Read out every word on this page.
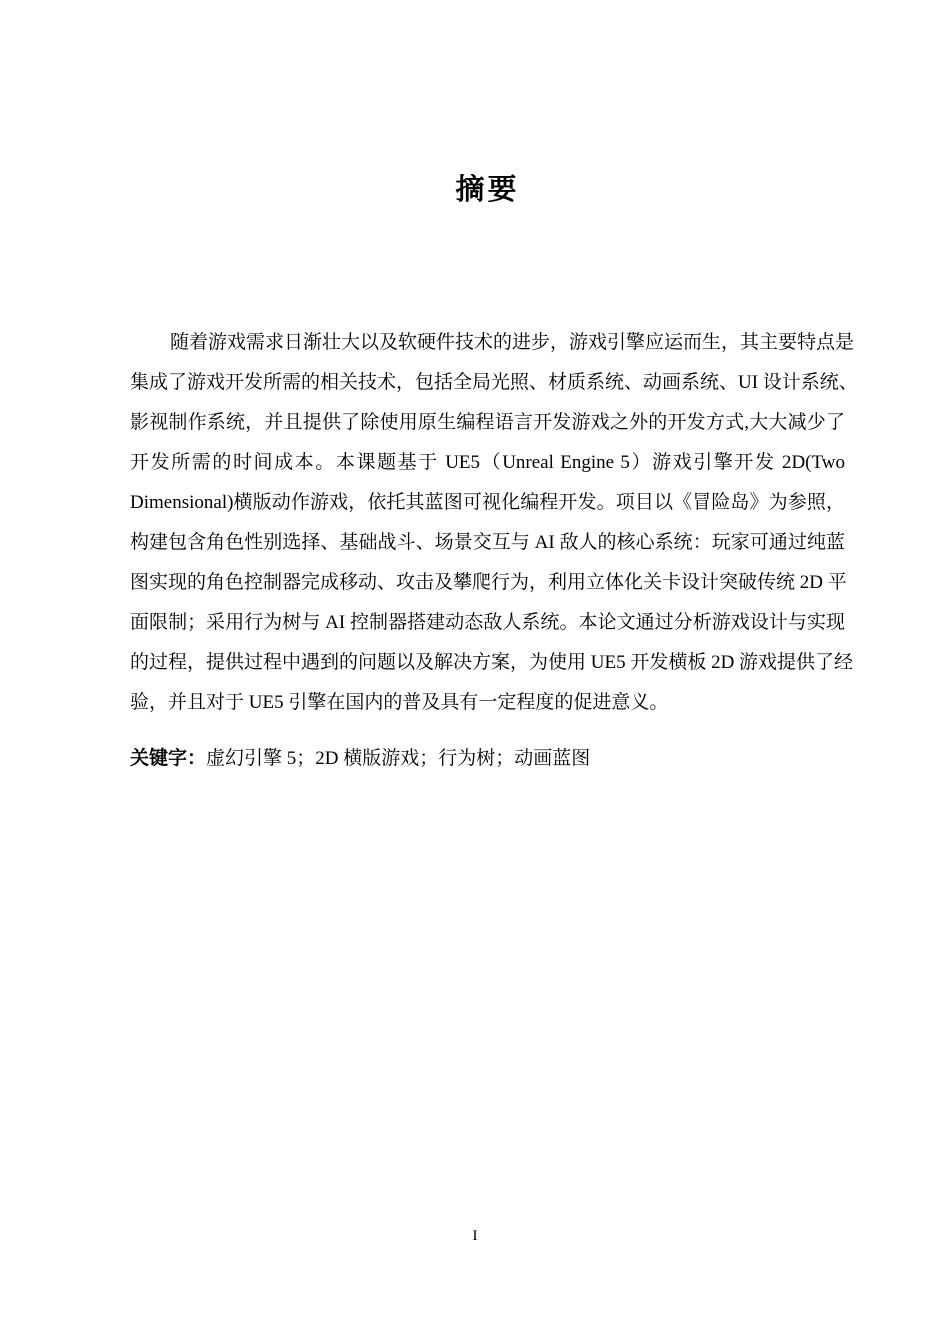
摘要

随着游戏需求日渐壮大以及软硬件技术的进步，游戏引擎应运而生，其主要特点是

集成了游戏开发所需的相关技术，包括全局光照、材质系统、动画系统、UI 设计系统、

影视制作系统，并且提供了除使用原生编程语言开发游戏之外的开发方式,大大减少了

开发所需的时间成本。本课题基于 UE5（Unreal Engine 5）游戏引擎开发 2D(Two

Dimensional)横版动作游戏，依托其蓝图可视化编程开发。项目以《冒险岛》为参照，

构建包含角色性别选择、基础战斗、场景交互与 AI 敌人的核心系统：玩家可通过纯蓝

图实现的角色控制器完成移动、攻击及攀爬行为，利用立体化关卡设计突破传统 2D 平

面限制；采用行为树与 AI 控制器搭建动态敌人系统。本论文通过分析游戏设计与实现

的过程，提供过程中遇到的问题以及解决方案，为使用 UE5 开发横板 2D 游戏提供了经

验，并且对于 UE5 引擎在国内的普及具有一定程度的促进意义。

关键字：虚幻引擎 5；2D 横版游戏；行为树；动画蓝图
I
